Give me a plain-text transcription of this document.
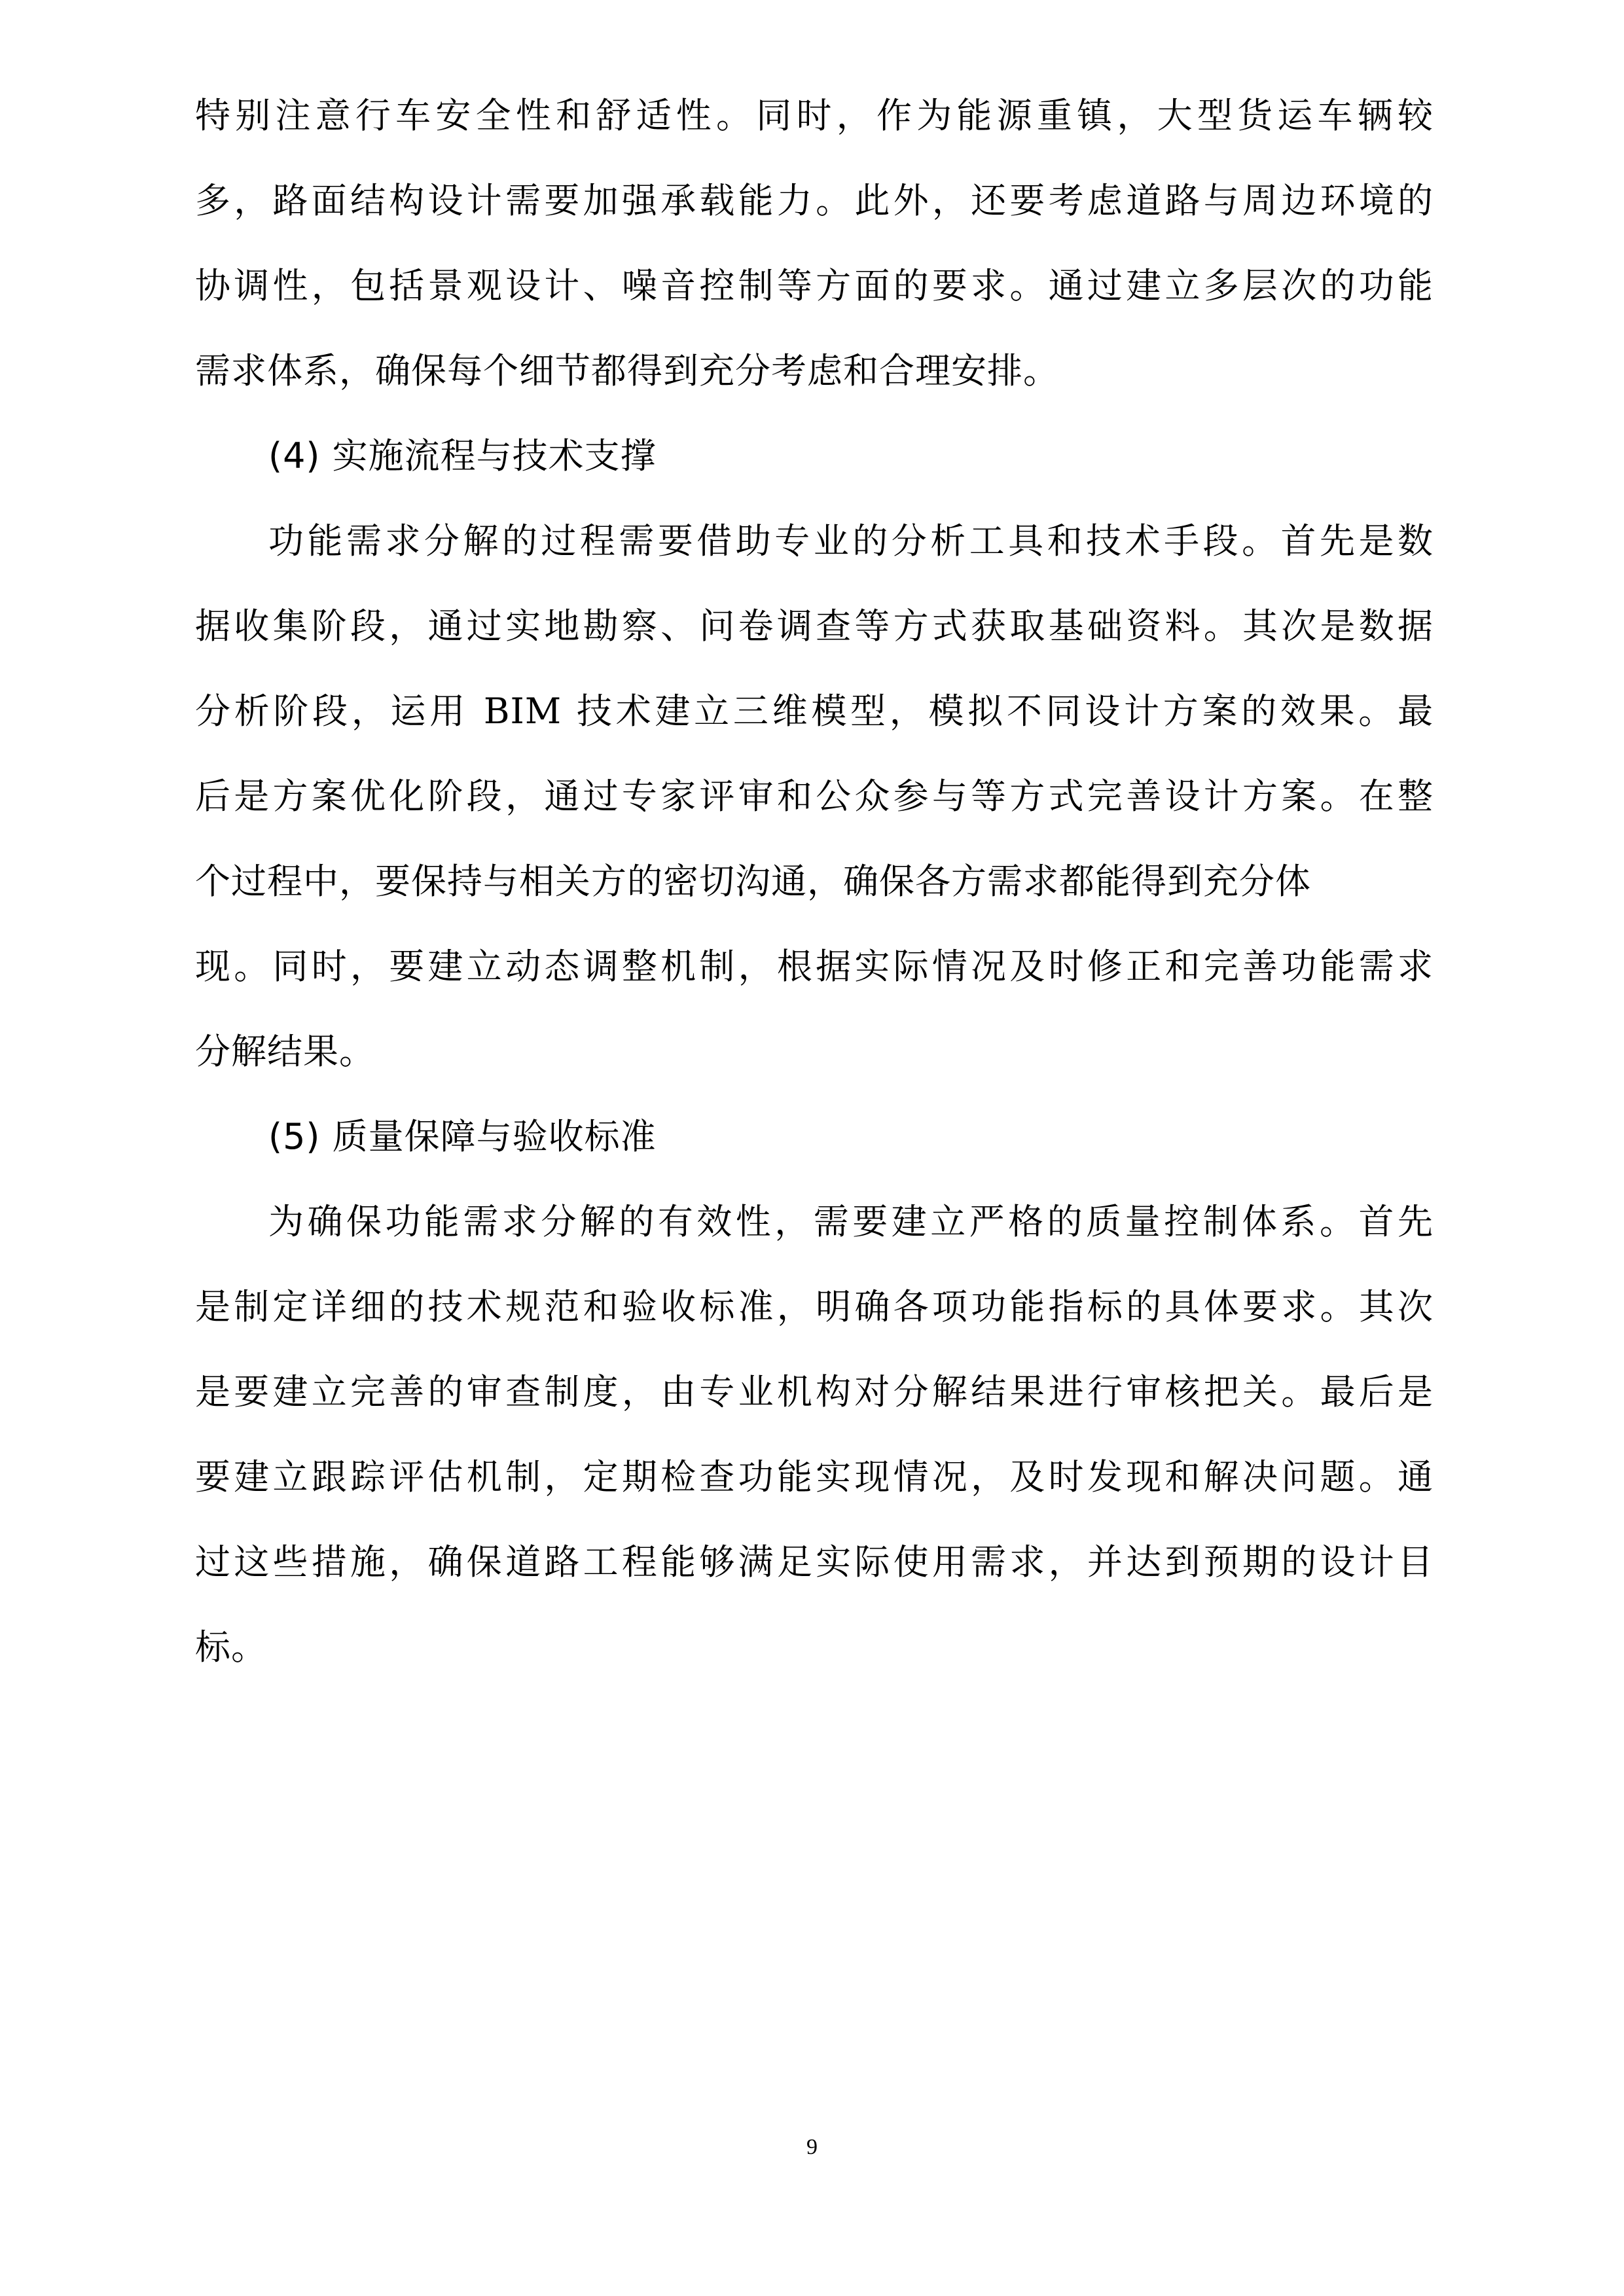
特别注意行车安全性和舒适性。同时，作为能源重镇，大型货运车辆较
多，路面结构设计需要加强承载能力。此外，还要考虑道路与周边环境的
协调性，包括景观设计、噪音控制等方面的要求。通过建立多层次的功能
需求体系，确保每个细节都得到充分考虑和合理安排。
(4) 实施流程与技术支撑
功能需求分解的过程需要借助专业的分析工具和技术手段。首先是数
据收集阶段，通过实地勘察、问卷调查等方式获取基础资料。其次是数据
分析阶段，运用 BIM 技术建立三维模型，模拟不同设计方案的效果。最
后是方案优化阶段，通过专家评审和公众参与等方式完善设计方案。在整
个过程中，要保持与相关方的密切沟通，确保各方需求都能得到充分体
现。同时，要建立动态调整机制，根据实际情况及时修正和完善功能需求
分解结果。
(5) 质量保障与验收标准
为确保功能需求分解的有效性，需要建立严格的质量控制体系。首先
是制定详细的技术规范和验收标准，明确各项功能指标的具体要求。其次
是要建立完善的审查制度，由专业机构对分解结果进行审核把关。最后是
要建立跟踪评估机制，定期检查功能实现情况，及时发现和解决问题。通
过这些措施，确保道路工程能够满足实际使用需求，并达到预期的设计目
标。
9
